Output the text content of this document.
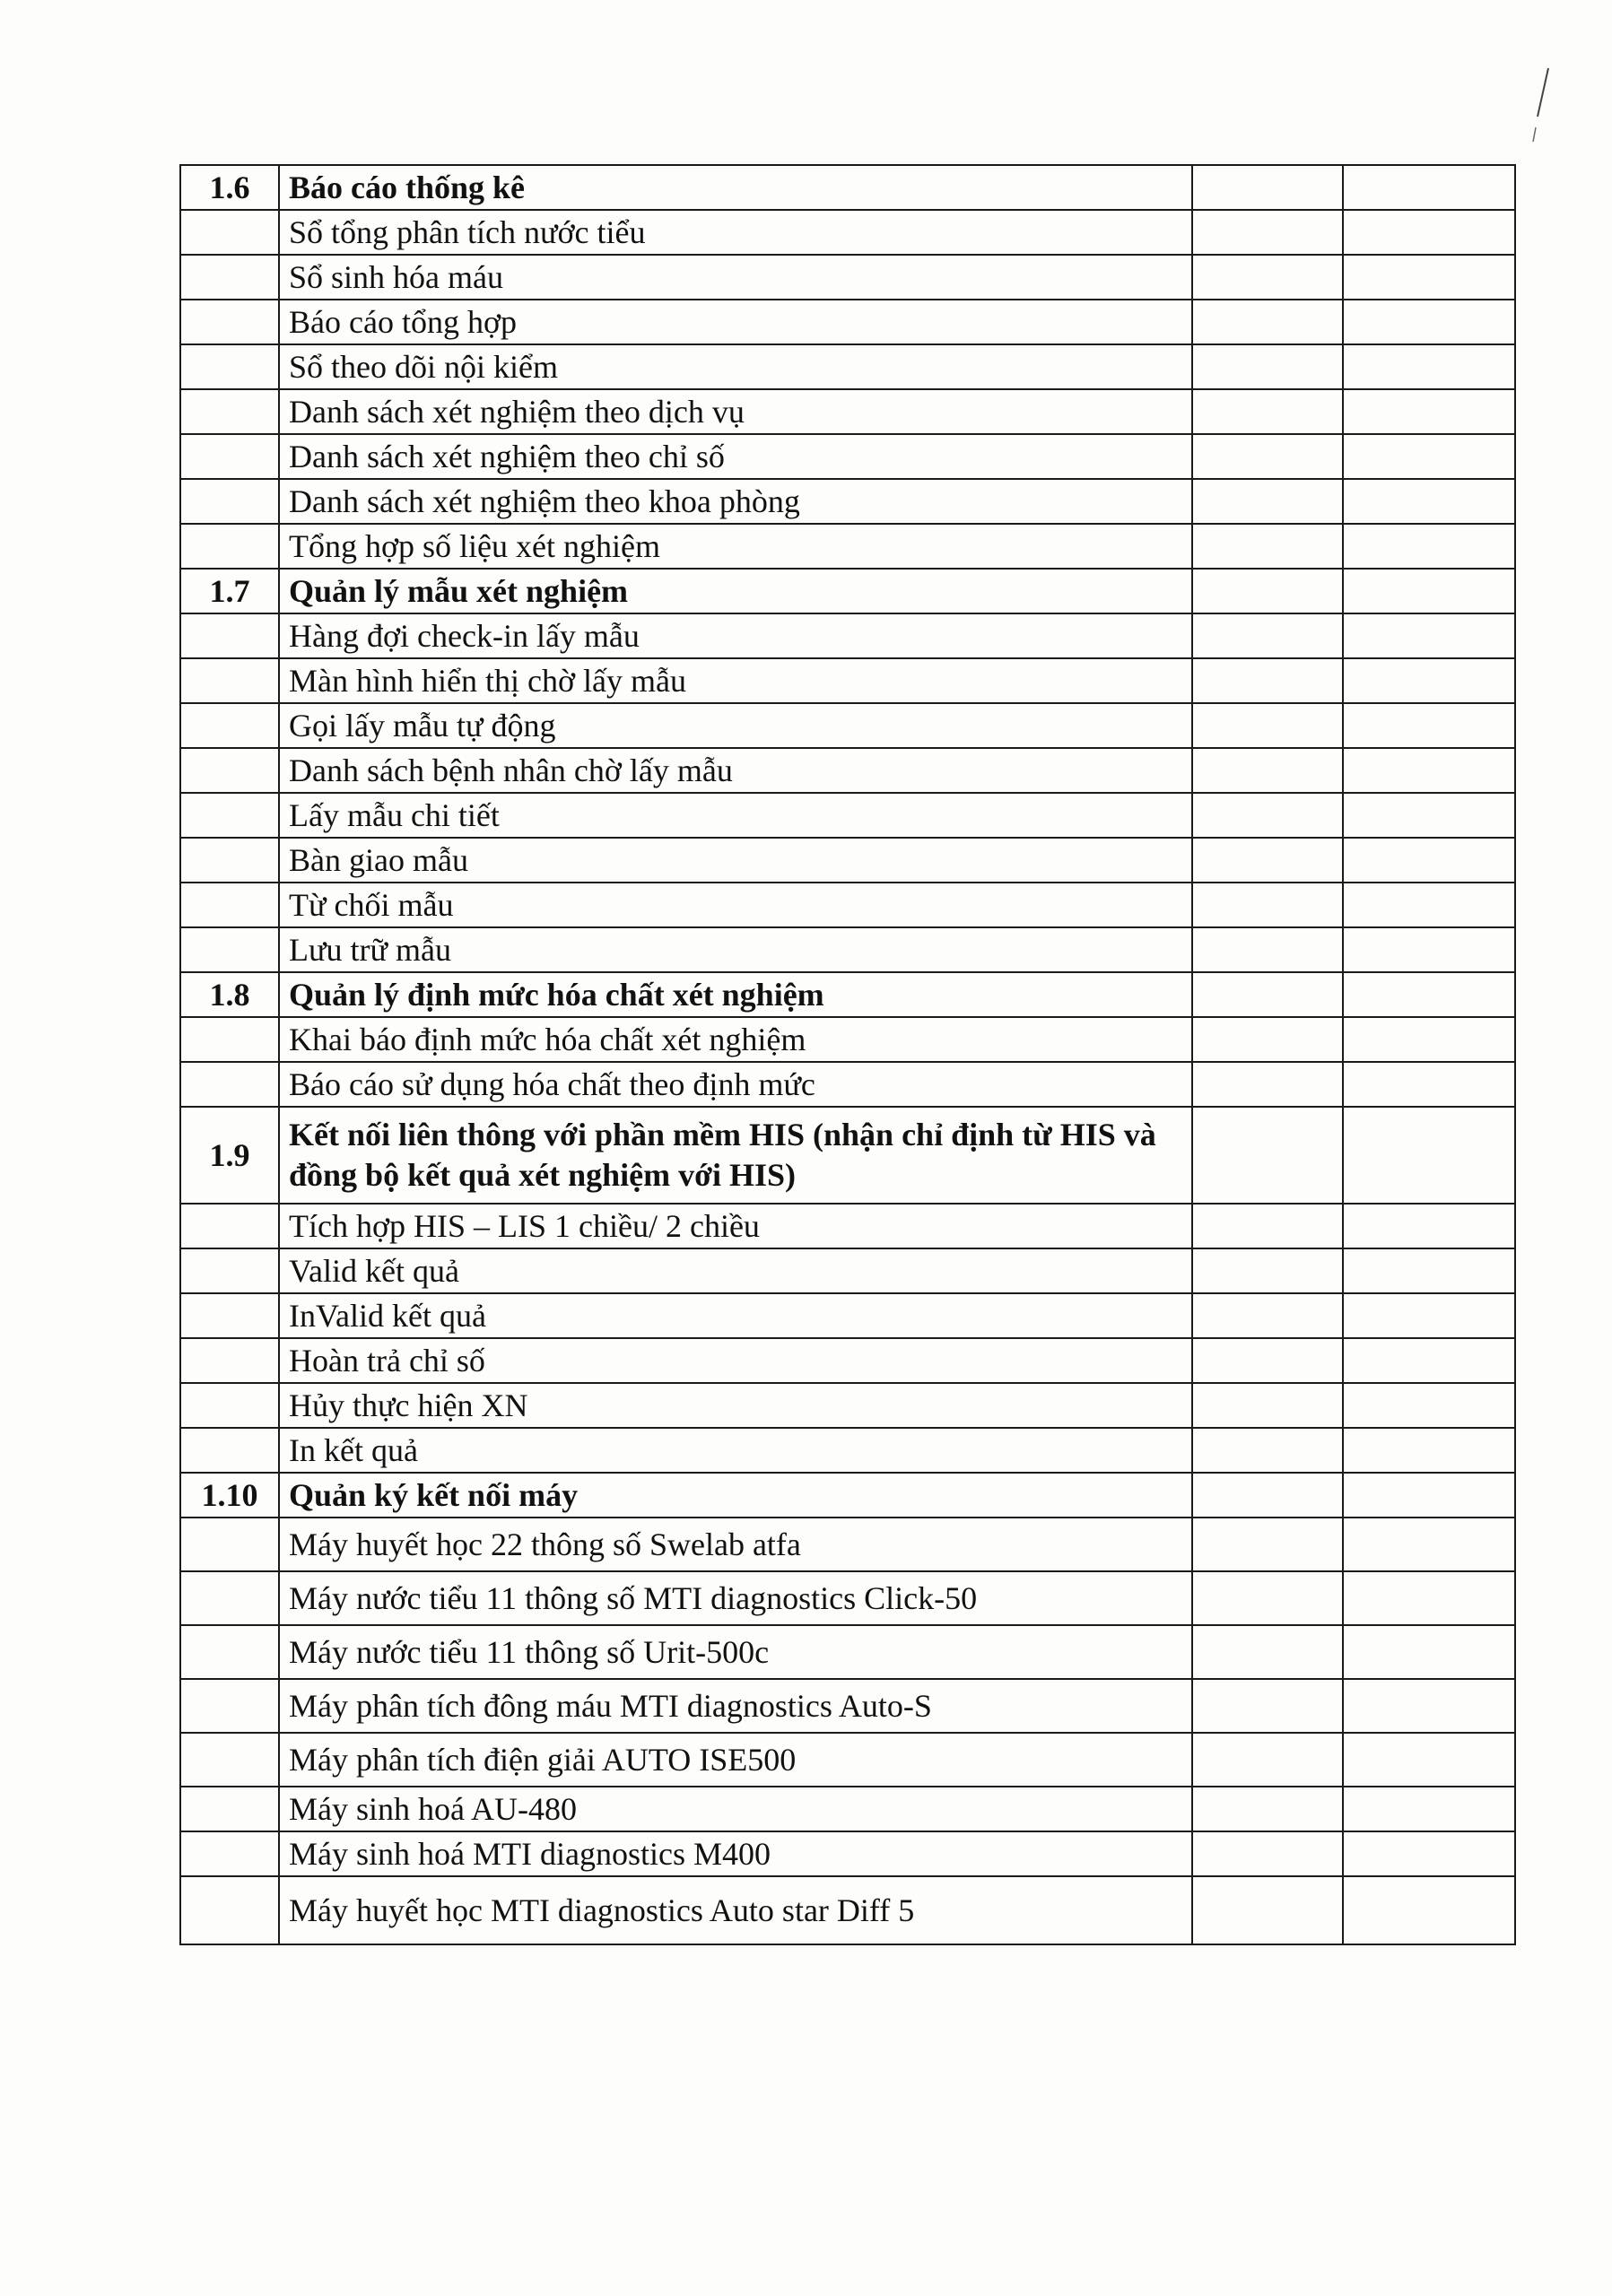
1.6	Báo cáo thống kê		
	Sổ tổng phân tích nước tiểu		
	Sổ sinh hóa máu		
	Báo cáo tổng hợp		
	Sổ theo dõi nội kiểm		
	Danh sách xét nghiệm theo dịch vụ		
	Danh sách xét nghiệm theo chỉ số		
	Danh sách xét nghiệm theo khoa phòng		
	Tổng hợp số liệu xét nghiệm		
1.7	Quản lý mẫu xét nghiệm		
	Hàng đợi check-in lấy mẫu		
	Màn hình hiển thị chờ lấy mẫu		
	Gọi lấy mẫu tự động		
	Danh sách bệnh nhân chờ lấy mẫu		
	Lấy mẫu chi tiết		
	Bàn giao mẫu		
	Từ chối mẫu		
	Lưu trữ mẫu		
1.8	Quản lý định mức hóa chất xét nghiệm		
	Khai báo định mức hóa chất xét nghiệm		
	Báo cáo sử dụng hóa chất theo định mức		
1.9	Kết nối liên thông với phần mềm HIS (nhận chỉ định từ HIS và đồng bộ kết quả xét nghiệm với HIS)		
	Tích hợp HIS – LIS 1 chiều/ 2 chiều		
	Valid kết quả		
	InValid kết quả		
	Hoàn trả chỉ số		
	Hủy thực hiện XN		
	In kết quả		
1.10	Quản ký kết nối máy		
	Máy huyết học 22 thông số Swelab atfa		
	Máy nước tiểu 11 thông số MTI diagnostics Click-50		
	Máy nước tiểu 11 thông số Urit-500c		
	Máy phân tích đông máu MTI diagnostics Auto-S		
	Máy phân tích điện giải AUTO ISE500		
	Máy sinh hoá AU-480		
	Máy sinh hoá MTI diagnostics M400		
	Máy huyết học MTI diagnostics Auto star Diff 5		
